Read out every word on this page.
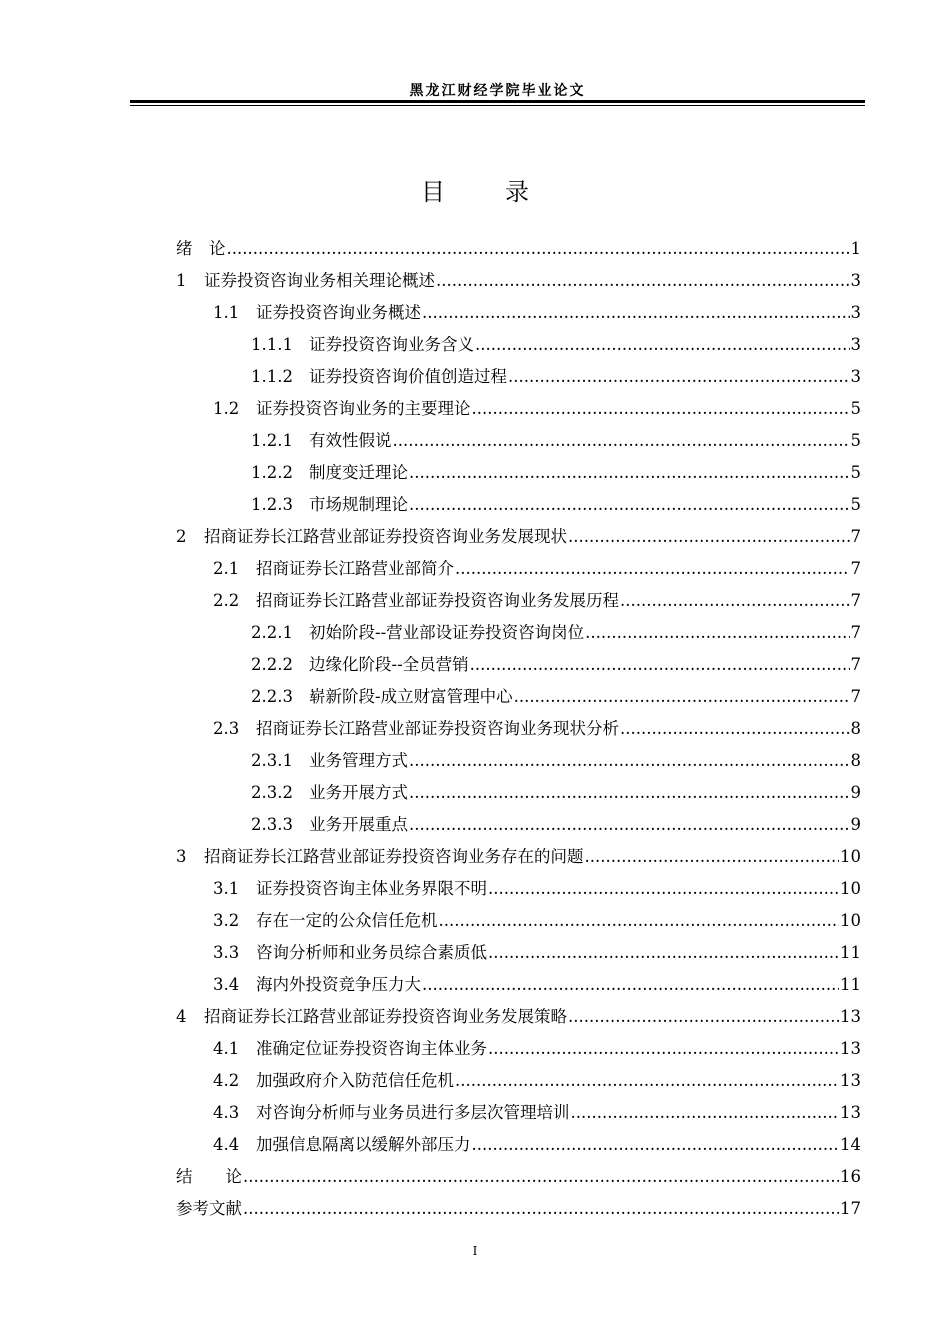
黑龙江财经学院毕业论文
目　录
绪　论 .....	1
1	证券投资咨询业务相关理论概述 .....	3
1.1	证券投资咨询业务概述 .....	3
1.1.1 证券投资咨询业务含义 .....	3
1.1.2 证券投资咨询价值创造过程 .....	3
1.2	证券投资咨询业务的主要理论 .....	5
1.2.1 有效性假说 .....	5
1.2.2 制度变迁理论 .....	5
1.2.3 市场规制理论 .....	5
2	招商证券长江路营业部证券投资咨询业务发展现状 .....	7
2.1	招商证券长江路营业部简介 .....	7
2.2	招商证券长江路营业部证券投资咨询业务发展历程 .....	7
2.2.1 初始阶段--营业部设证券投资咨询岗位 .....	7
2.2.2 边缘化阶段--全员营销 .....	7
2.2.3 崭新阶段-成立财富管理中心 .....	7
2.3	招商证券长江路营业部证券投资咨询业务现状分析 .....	8
2.3.1 业务管理方式 .....	8
2.3.2 业务开展方式 .....	9
2.3.3 业务开展重点 .....	9
3	招商证券长江路营业部证券投资咨询业务存在的问题 .....	10
3.1	证券投资咨询主体业务界限不明 .....	10
3.2	存在一定的公众信任危机 .....	10
3.3	咨询分析师和业务员综合素质低 .....	11
3.4	海内外投资竞争压力大 .....	11
4	招商证券长江路营业部证券投资咨询业务发展策略 .....	13
4.1	准确定位证券投资咨询主体业务 .....	13
4.2	加强政府介入防范信任危机 .....	13
4.3	对咨询分析师与业务员进行多层次管理培训 .....	13
4.4	加强信息隔离以缓解外部压力 .....	14
结　　论 .....	16
参考文献 .....	17
I
